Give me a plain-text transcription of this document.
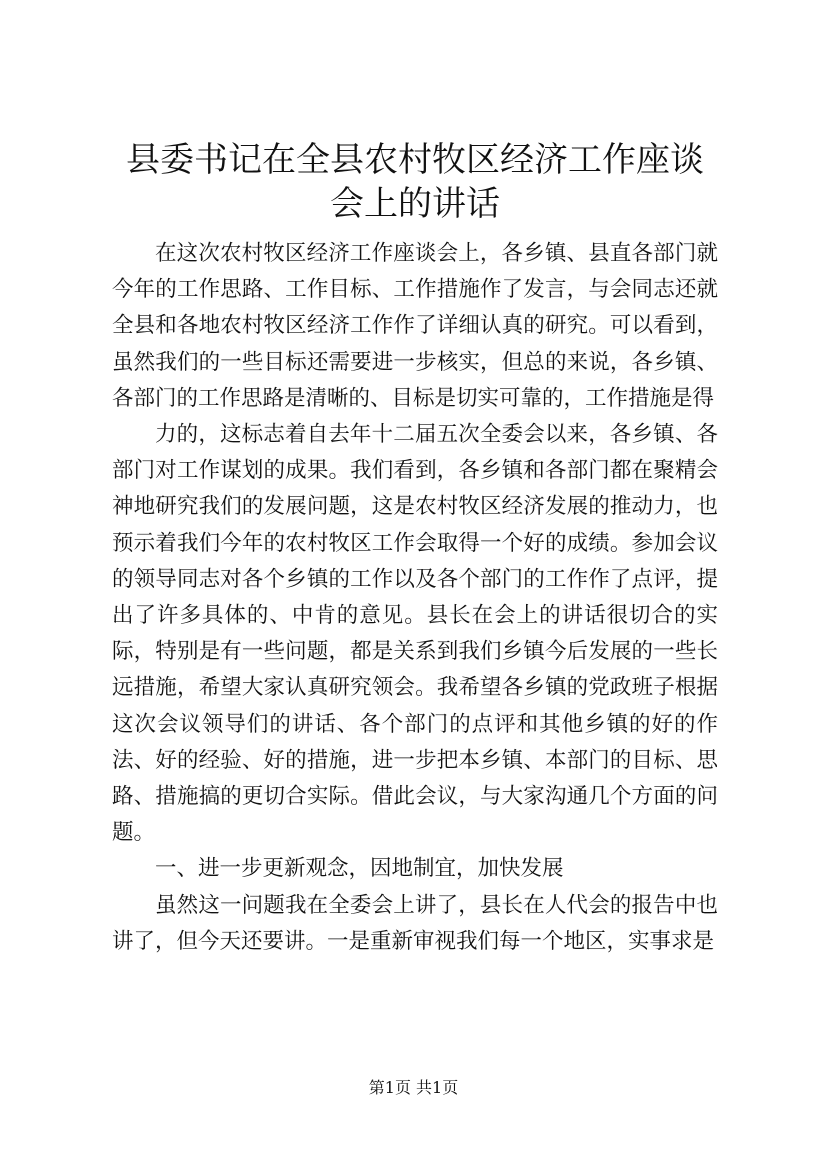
县委书记在全县农村牧区经济工作座谈会上的讲话

在这次农村牧区经济工作座谈会上，各乡镇、县直各部门就今年的工作思路、工作目标、工作措施作了发言，与会同志还就全县和各地农村牧区经济工作作了详细认真的研究。可以看到，虽然我们的一些目标还需要进一步核实，但总的来说，各乡镇、各部门的工作思路是清晰的、目标是切实可靠的，工作措施是得

力的，这标志着自去年十二届五次全委会以来，各乡镇、各部门对工作谋划的成果。我们看到，各乡镇和各部门都在聚精会神地研究我们的发展问题，这是农村牧区经济发展的推动力，也预示着我们今年的农村牧区工作会取得一个好的成绩。参加会议的领导同志对各个乡镇的工作以及各个部门的工作作了点评，提出了许多具体的、中肯的意见。县长在会上的讲话很切合的实际，特别是有一些问题，都是关系到我们乡镇今后发展的一些长远措施，希望大家认真研究领会。我希望各乡镇的党政班子根据这次会议领导们的讲话、各个部门的点评和其他乡镇的好的作法、好的经验、好的措施，进一步把本乡镇、本部门的目标、思路、措施搞的更切合实际。借此会议，与大家沟通几个方面的问题。

一、进一步更新观念，因地制宜，加快发展

虽然这一问题我在全委会上讲了，县长在人代会的报告中也讲了，但今天还要讲。一是重新审视我们每一个地区，实事求是

第1页 共1页
